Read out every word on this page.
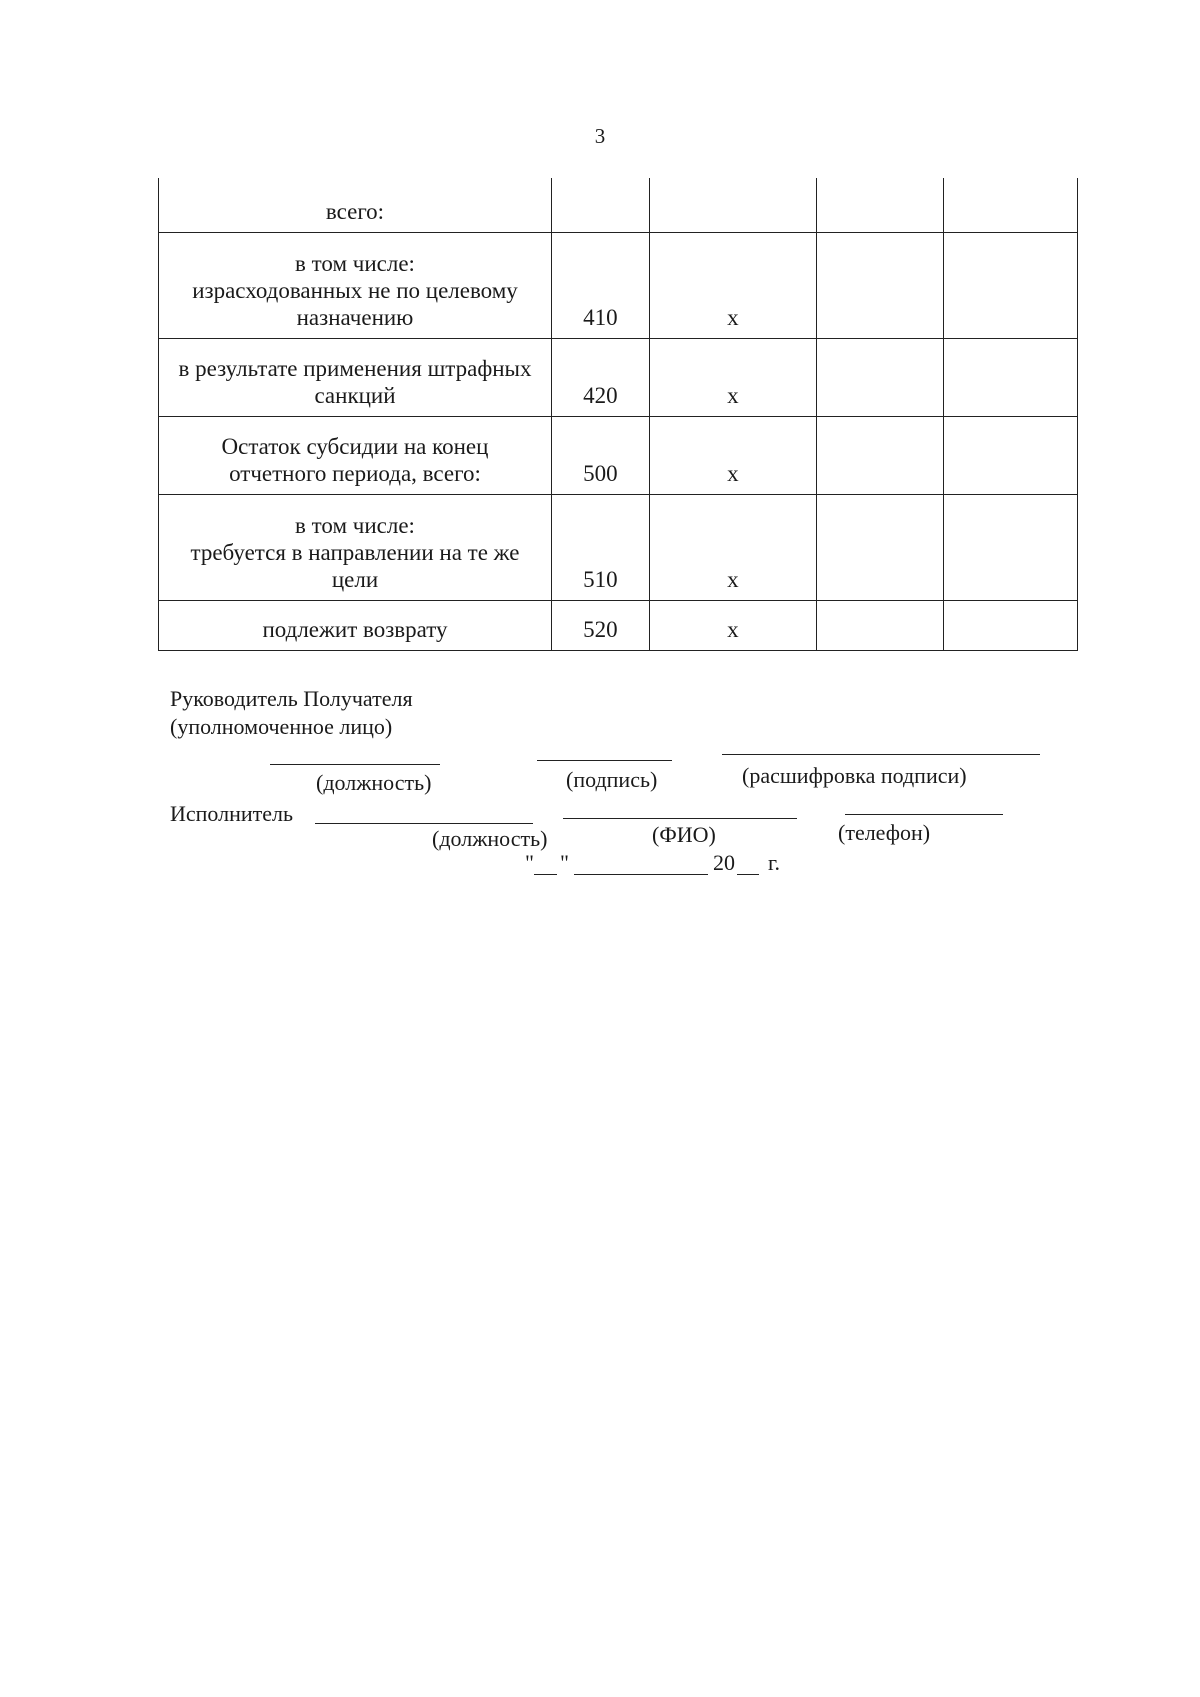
3
всего:				

в том числе:
израсходованных не по целевому
назначению	410	x		

в результате применения штрафных
санкций	420	x		

Остаток субсидии на конец
отчетного периода, всего:	500	x		

в том числе:
требуется в направлении на те же
цели	510	x		

подлежит возврату	520	x		
Руководитель Получателя
(уполномоченное лицо)
(должность)	(подпись)	(расшифровка подписи)
Исполнитель
(должность)	(ФИО)	(телефон)
" "	20 г.
